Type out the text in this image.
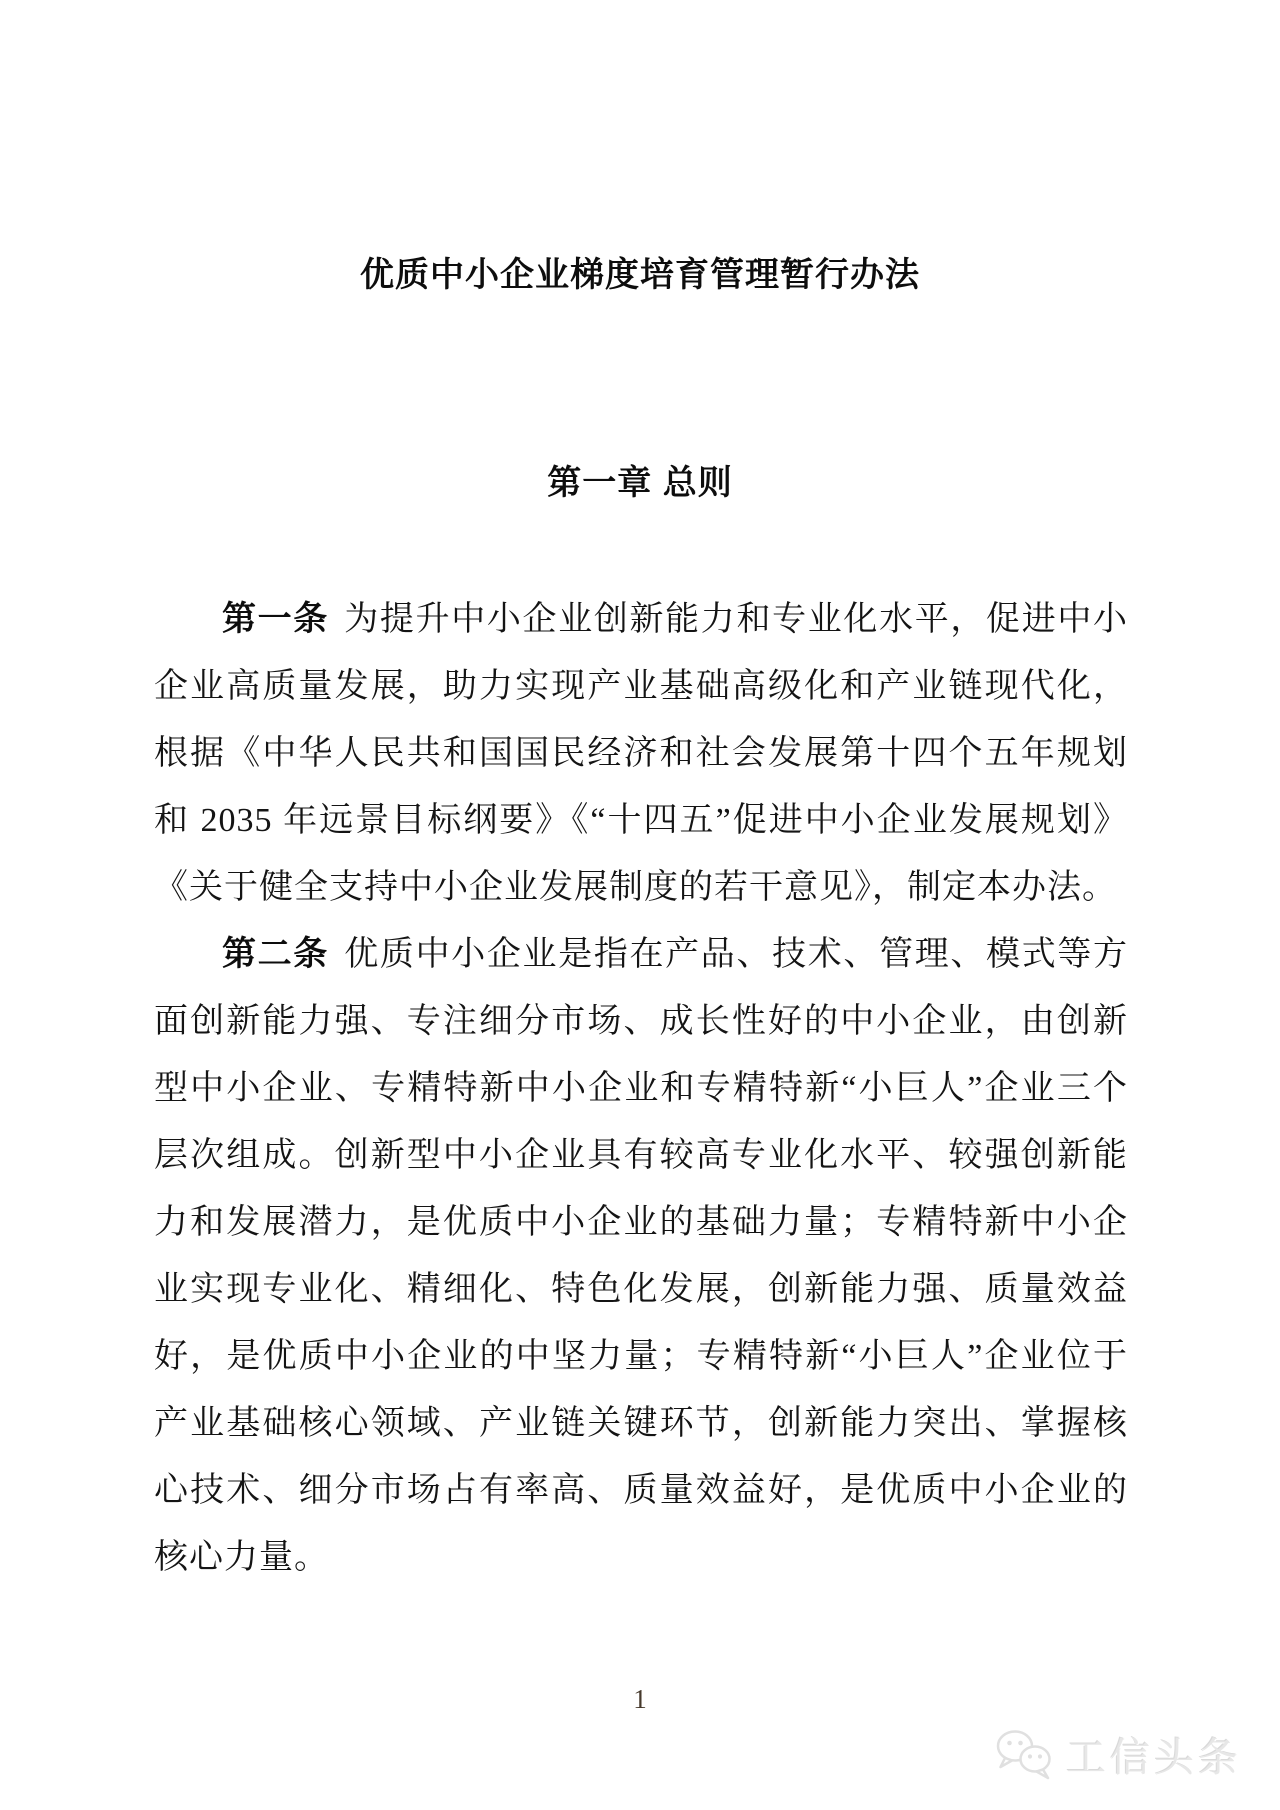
优质中小企业梯度培育管理暂行办法
第一章 总则

第一条 为提升中小企业创新能力和专业化水平，促进中小企业高质量发展，助力实现产业基础高级化和产业链现代化，根据《中华人民共和国国民经济和社会发展第十四个五年规划和 2035 年远景目标纲要》《“十四五”促进中小企业发展规划》《关于健全支持中小企业发展制度的若干意见》，制定本办法。

第二条 优质中小企业是指在产品、技术、管理、模式等方面创新能力强、专注细分市场、成长性好的中小企业，由创新型中小企业、专精特新中小企业和专精特新“小巨人”企业三个层次组成。创新型中小企业具有较高专业化水平、较强创新能力和发展潜力，是优质中小企业的基础力量；专精特新中小企业实现专业化、精细化、特色化发展，创新能力强、质量效益好，是优质中小企业的中坚力量；专精特新“小巨人”企业位于产业基础核心领域、产业链关键环节，创新能力突出、掌握核心技术、细分市场占有率高、质量效益好，是优质中小企业的核心力量。

1
工信头条
